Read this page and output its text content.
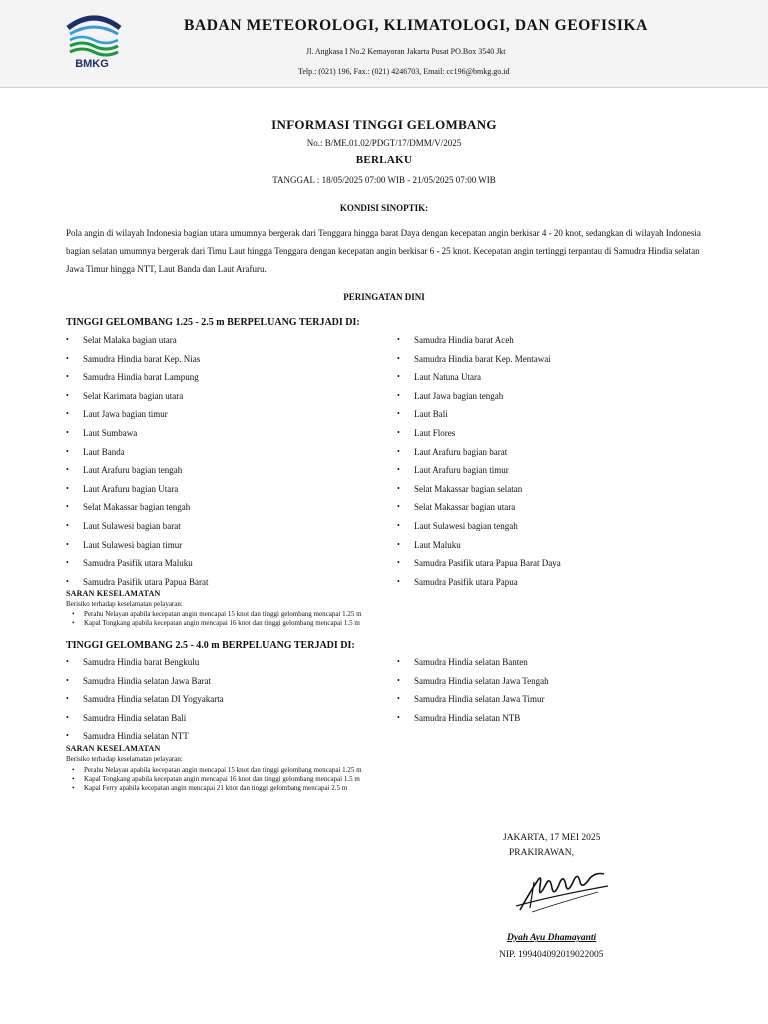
BMKG
BADAN METEOROLOGI, KLIMATOLOGI, DAN GEOFISIKA
Jl. Angkasa I No.2 Kemayoran Jakarta Pusat PO.Box 3540 Jkt
Telp.: (021) 196, Fax.: (021) 4246703, Email: cc196@bmkg.go.id
INFORMASI TINGGI GELOMBANG
No.: B/ME.01.02/PDGT/17/DMM/V/2025
BERLAKU
TANGGAL : 18/05/2025 07:00 WIB - 21/05/2025 07:00 WIB
KONDISI SINOPTIK:

Pola angin di wilayah Indonesia bagian utara umumnya bergerak dari Tenggara hingga barat Daya dengan kecepatan angin berkisar 4 - 20 knot, sedangkan di wilayah Indonesia bagian selatan umumnya bergerak dari Timu Laut hingga Tenggara dengan kecepatan angin berkisar 6 - 25 knot. Kecepatan angin tertinggi terpantau di Samudra Hindia selatan Jawa Timur hingga NTT, Laut Banda dan Laut Arafuru.

PERINGATAN DINI
TINGGI GELOMBANG 1.25 - 2.5 m BERPELUANG TERJADI DI:
• Selat Malaka bagian utara
• Samudra Hindia barat Kep. Nias
• Samudra Hindia barat Lampung
• Selat Karimata bagian utara
• Laut Jawa bagian timur
• Laut Sumbawa
• Laut Banda
• Laut Arafuru bagian tengah
• Laut Arafuru bagian Utara
• Selat Makassar bagian tengah
• Laut Sulawesi bagian barat
• Laut Sulawesi bagian timur
• Samudra Pasifik utara Maluku
• Samudra Pasifik utara Papua Barat
• Samudra Hindia barat Aceh
• Samudra Hindia barat Kep. Mentawai
• Laut Natuna Utara
• Laut Jawa bagian tengah
• Laut Bali
• Laut Flores
• Laut Arafuru bagian barat
• Laut Arafuru bagian timur
• Selat Makassar bagian selatan
• Selat Makassar bagian utara
• Laut Sulawesi bagian tengah
• Laut Maluku
• Samudra Pasifik utara Papua Barat Daya
• Samudra Pasifik utara Papua
SARAN KESELAMATAN
Berisiko terhadap keselamatan pelayaran:
• Perahu Nelayan apabila kecepatan angin mencapai 15 knot dan tinggi gelombang mencapai 1.25 m
• Kapal Tongkang apabila kecepatan angin mencapai 16 knot dan tinggi gelombang mencapai 1.5 m
TINGGI GELOMBANG 2.5 - 4.0 m BERPELUANG TERJADI DI:
• Samudra Hindia barat Bengkulu
• Samudra Hindia selatan Jawa Barat
• Samudra Hindia selatan DI Yogyakarta
• Samudra Hindia selatan Bali
• Samudra Hindia selatan NTT
• Samudra Hindia selatan Banten
• Samudra Hindia selatan Jawa Tengah
• Samudra Hindia selatan Jawa Timur
• Samudra Hindia selatan NTB
SARAN KESELAMATAN
Berisiko terhadap keselamatan pelayaran:
• Perahu Nelayan apabila kecepatan angin mencapai 15 knot dan tinggi gelombang mencapai 1.25 m
• Kapal Tongkang apabila kecepatan angin mencapai 16 knot dan tinggi gelombang mencapai 1.5 m
• Kapal Ferry apabila kecepatan angin mencapai 21 knot dan tinggi gelombang mencapai 2.5 m
JAKARTA, 17 MEI 2025
PRAKIRAWAN,
Dyah Ayu Dhamayanti
NIP. 199404092019022005
